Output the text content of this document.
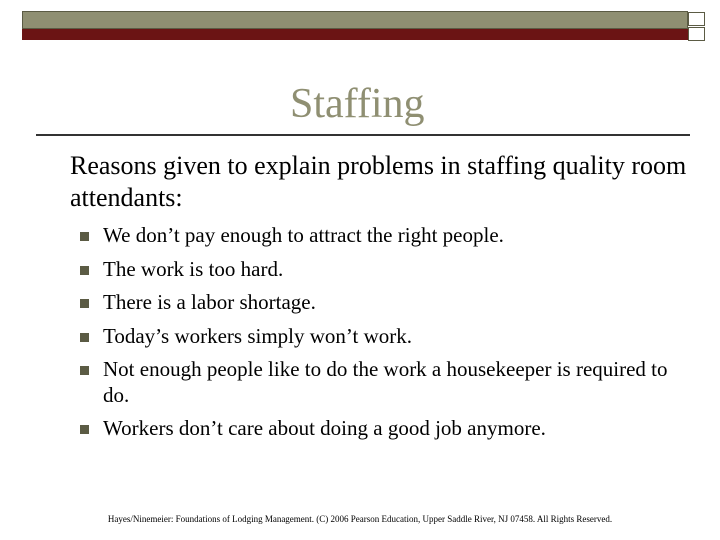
Staffing

Reasons given to explain problems in staffing quality room attendants:

We don’t pay enough to attract the right people.
The work is too hard.
There is a labor shortage.
Today’s workers simply won’t work.
Not enough people like to do the work a housekeeper is required to do.
Workers don’t care about doing a good job anymore.

Hayes/Ninemeier: Foundations of Lodging Management. (C) 2006 Pearson Education, Upper Saddle River, NJ 07458. All Rights Reserved.
